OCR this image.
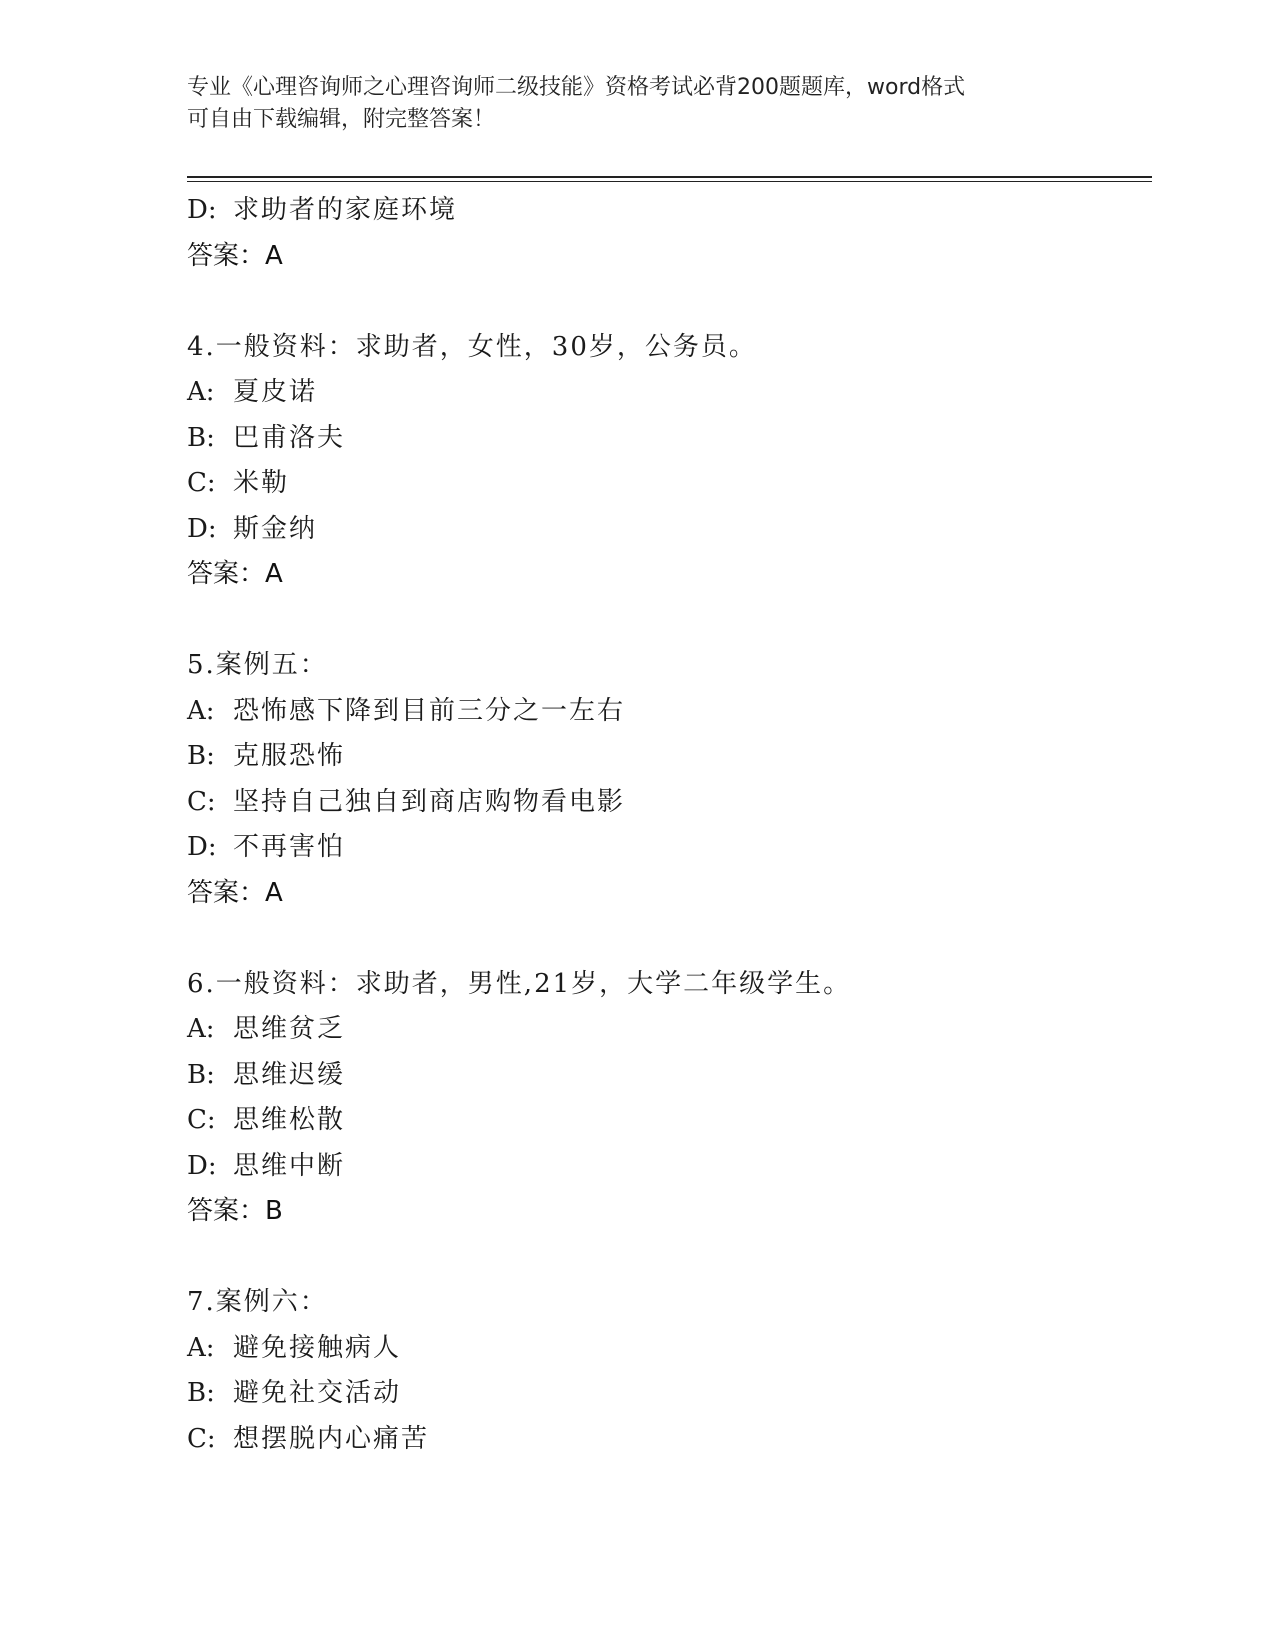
专业《心理咨询师之心理咨询师二级技能》资格考试必背200题题库，word格式
可自由下载编辑，附完整答案！
D: 求助者的家庭环境
答案：A
4.一般资料：求助者，女性，30岁，公务员。
A: 夏皮诺
B: 巴甫洛夫
C: 米勒
D: 斯金纳
答案：A
5.案例五：
A: 恐怖感下降到目前三分之一左右
B: 克服恐怖
C: 坚持自己独自到商店购物看电影
D: 不再害怕
答案：A
6.一般资料：求助者，男性,21岁，大学二年级学生。
A: 思维贫乏
B: 思维迟缓
C: 思维松散
D: 思维中断
答案：B
7.案例六：
A: 避免接触病人
B: 避免社交活动
C: 想摆脱内心痛苦
